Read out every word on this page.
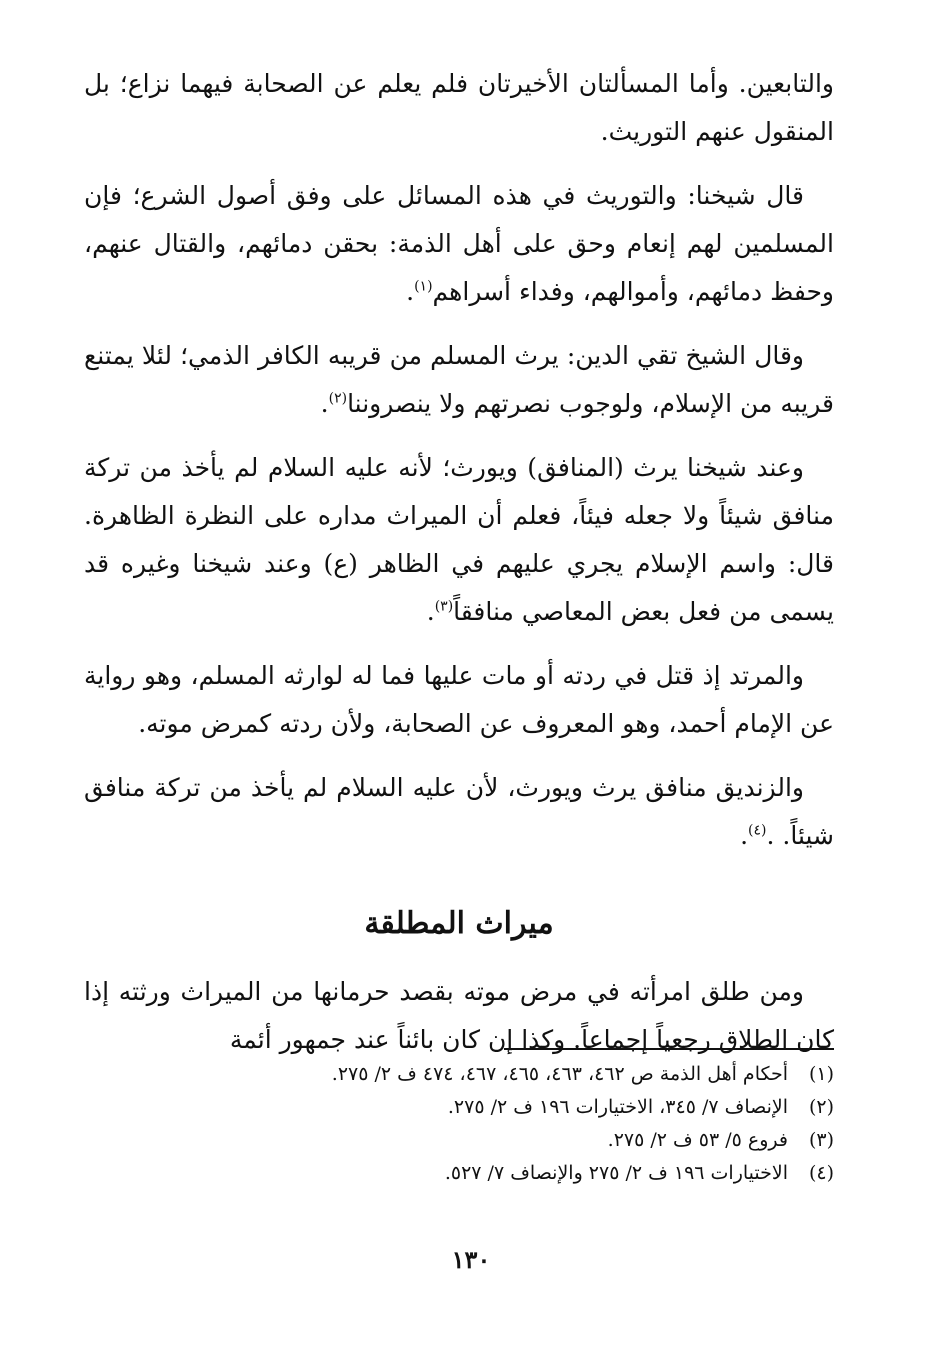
والتابعين. وأما المسألتان الأخيرتان فلم يعلم عن الصحابة فيهما نزاع؛ بل المنقول عنهم التوريث.

قال شيخنا: والتوريث في هذه المسائل على وفق أصول الشرع؛ فإن المسلمين لهم إنعام وحق على أهل الذمة: بحقن دمائهم، والقتال عنهم، وحفظ دمائهم، وأموالهم، وفداء أسراهم$^{(١)}$.

وقال الشيخ تقي الدين: يرث المسلم من قريبه الكافر الذمي؛ لئلا يمتنع قريبه من الإسلام، ولوجوب نصرتهم ولا ينصروننا$^{(٢)}$.

وعند شيخنا يرث (المنافق) ويورث؛ لأنه عليه السلام لم يأخذ من تركة منافق شيئاً ولا جعله فيئاً، فعلم أن الميراث مداره على النظرة الظاهرة. قال: واسم الإسلام يجري عليهم في الظاهر (ع) وعند شيخنا وغيره قد يسمى من فعل بعض المعاصي منافقاً$^{(٣)}$.

والمرتد إذ قتل في ردته أو مات عليها فما له لوارثه المسلم، وهو رواية عن الإمام أحمد، وهو المعروف عن الصحابة، ولأن ردته كمرض موته.

والزنديق منافق يرث ويورث، لأن عليه السلام لم يأخذ من تركة منافق شيئاً. .$^{(٤)}$.

ميراث المطلقة

ومن طلق امرأته في مرض موته بقصد حرمانها من الميراث ورثته إذا كان الطلاق رجعياً إجماعاً. وكذا إن كان بائناً عند جمهور أئمة

(١)
أحكام أهل الذمة ص ٤٦٢، ٤٦٣، ٤٦٥، ٤٦٧، ٤٧٤ ف ٢/ ٢٧٥.
(٢)
الإنصاف ٧/ ٣٤٥، الاختيارات ١٩٦ ف ٢/ ٢٧٥.
(٣)
فروع ٥/ ٥٣ ف ٢/ ٢٧٥.
(٤)
الاختيارات ١٩٦ ف ٢/ ٢٧٥ والإنصاف ٧/ ٥٢٧.
١٣٠
